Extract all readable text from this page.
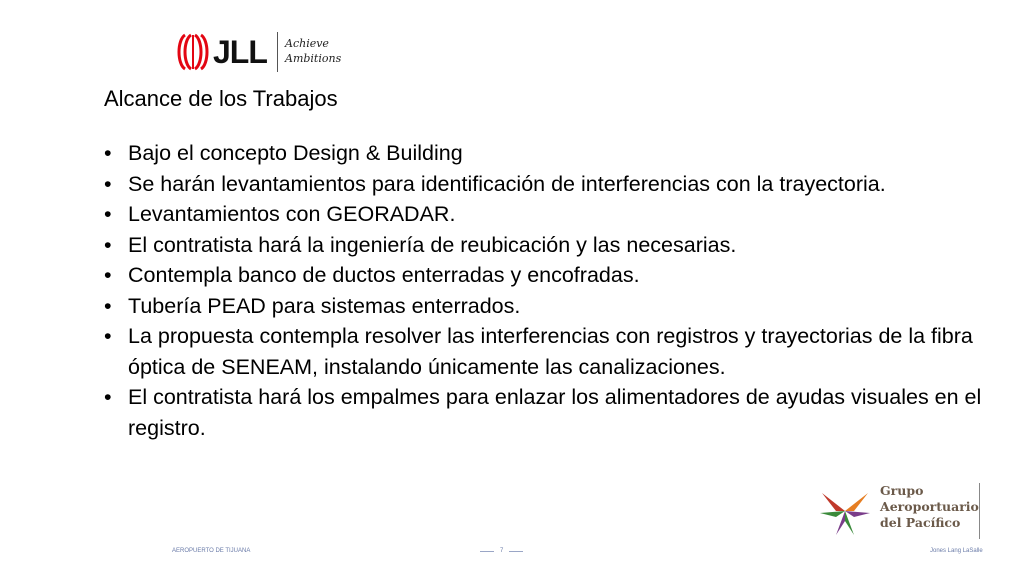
JLL Achieve
Ambitions
Alcance de los Trabajos
• Bajo el concepto Design & Building
• Se harán levantamientos para identificación de interferencias con la trayectoria.
• Levantamientos con GEORADAR.
• El contratista hará la ingeniería de reubicación y las necesarias.
• Contempla banco de ductos enterradas y encofradas.
• Tubería PEAD para sistemas enterrados.
• La propuesta contempla resolver las interferencias con registros y trayectorias de la fibra óptica de SENEAM, instalando únicamente las canalizaciones.
• El contratista hará los empalmes para enlazar los alimentadores de ayudas visuales en el registro.
Grupo
Aeroportuario
del Pacífico
AEROPUERTO DE TIJUANA	7	Jones Lang LaSalle
